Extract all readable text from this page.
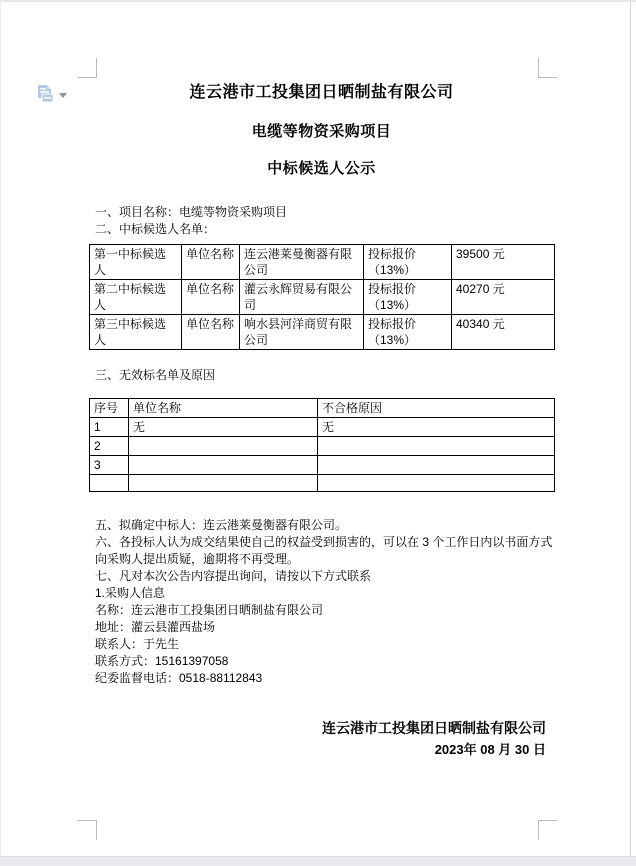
连云港市工投集团日晒制盐有限公司
电缆等物资采购项目
中标候选人公示
一、项目名称：电缆等物资采购项目
二、中标候选人名单：
第一中标候选人	单位名称	连云港莱曼衡器有限公司	投标报价（13%）	39500 元
第二中标候选人	单位名称	灌云永辉贸易有限公司	投标报价（13%）	40270 元
第三中标候选人	单位名称	响水县河洋商贸有限公司	投标报价（13%）	40340 元
三、无效标名单及原因
序号	单位名称	不合格原因
1	无	无
2		
3		

五、拟确定中标人：连云港莱曼衡器有限公司。
六、各投标人认为成交结果使自己的权益受到损害的，可以在 3 个工作日内以书面方式向采购人提出质疑，逾期将不再受理。
七、凡对本次公告内容提出询问，请按以下方式联系
1.采购人信息
名称：连云港市工投集团日晒制盐有限公司
地址：灌云县灌西盐场
联系人：于先生
联系方式：15161397058
纪委监督电话：0518-88112843
连云港市工投集团日晒制盐有限公司
2023年 08 月 30 日
